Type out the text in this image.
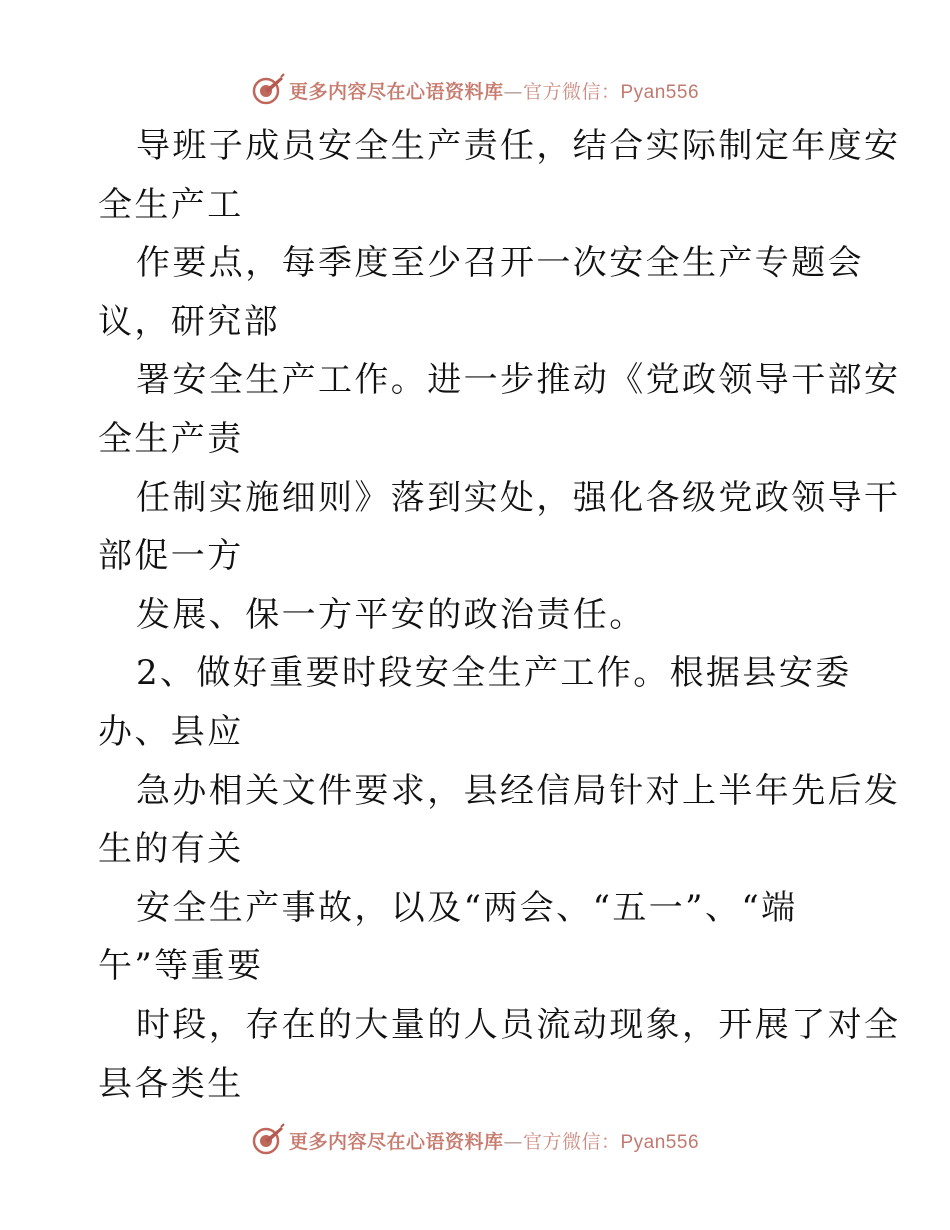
更多内容尽在心语资料库—官方微信：Pyan556
导班子成员安全生产责任，结合实际制定年度安
全生产工
作要点，每季度至少召开一次安全生产专题会
议，研究部
署安全生产工作。进一步推动《党政领导干部安
全生产责
任制实施细则》落到实处，强化各级党政领导干
部促一方
发展、保一方平安的政治责任。
2、做好重要时段安全生产工作。根据县安委
办、县应
急办相关文件要求，县经信局针对上半年先后发
生的有关
安全生产事故，以及“两会、“五一”、“端
午”等重要
时段，存在的大量的人员流动现象，开展了对全
县各类生
更多内容尽在心语资料库—官方微信：Pyan556
